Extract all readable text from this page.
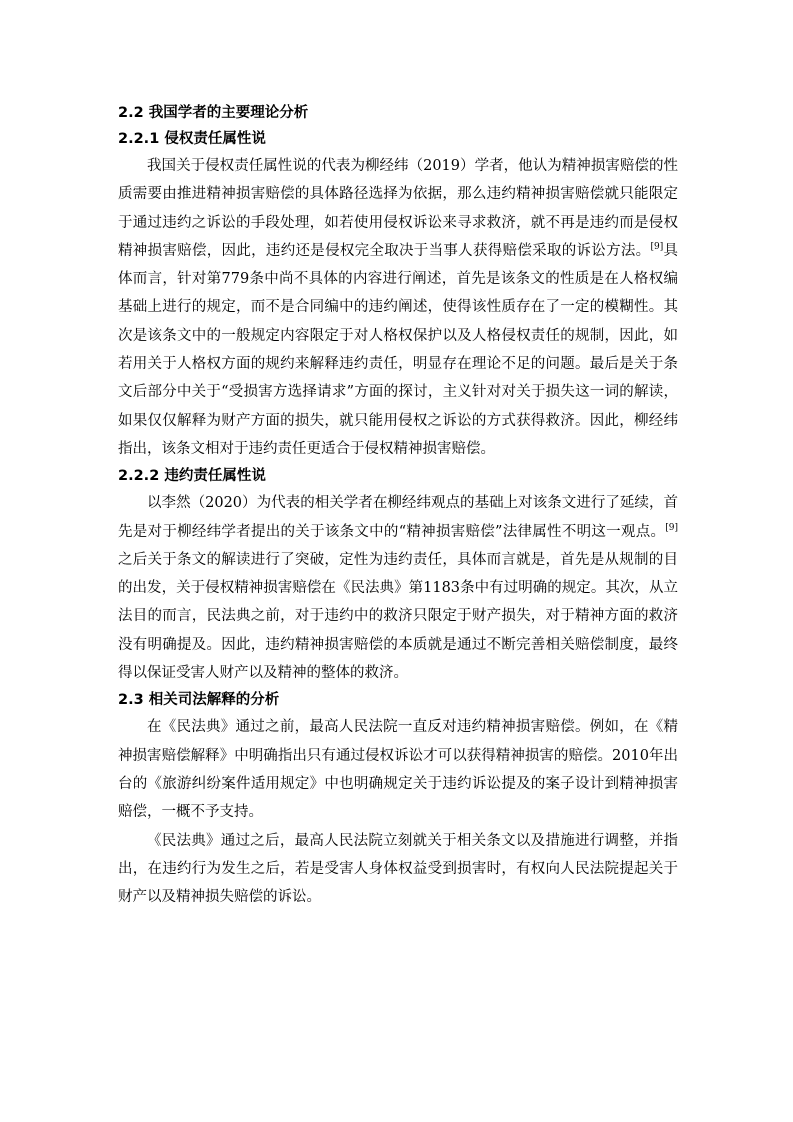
2.2 我国学者的主要理论分析
2.2.1 侵权责任属性说

我国关于侵权责任属性说的代表为柳经纬（2019）学者，他认为精神损害赔偿的性质需要由推进精神损害赔偿的具体路径选择为依据，那么违约精神损害赔偿就只能限定于通过违约之诉讼的手段处理，如若使用侵权诉讼来寻求救济，就不再是违约而是侵权精神损害赔偿，因此，违约还是侵权完全取决于当事人获得赔偿采取的诉讼方法。[9]具体而言，针对第779条中尚不具体的内容进行阐述，首先是该条文的性质是在人格权编基础上进行的规定，而不是合同编中的违约阐述，使得该性质存在了一定的模糊性。其次是该条文中的一般规定内容限定于对人格权保护以及人格侵权责任的规制，因此，如若用关于人格权方面的规约来解释违约责任，明显存在理论不足的问题。最后是关于条文后部分中关于“受损害方选择请求”方面的探讨，主义针对对关于损失这一词的解读，如果仅仅解释为财产方面的损失，就只能用侵权之诉讼的方式获得救济。因此，柳经纬指出，该条文相对于违约责任更适合于侵权精神损害赔偿。

2.2.2 违约责任属性说

以李然（2020）为代表的相关学者在柳经纬观点的基础上对该条文进行了延续，首先是对于柳经纬学者提出的关于该条文中的“精神损害赔偿”法律属性不明这一观点。[9]之后关于条文的解读进行了突破，定性为违约责任，具体而言就是，首先是从规制的目的出发，关于侵权精神损害赔偿在《民法典》第1183条中有过明确的规定。其次，从立法目的而言，民法典之前，对于违约中的救济只限定于财产损失，对于精神方面的救济没有明确提及。因此，违约精神损害赔偿的本质就是通过不断完善相关赔偿制度，最终得以保证受害人财产以及精神的整体的救济。

2.3 相关司法解释的分析

在《民法典》通过之前，最高人民法院一直反对违约精神损害赔偿。例如，在《精神损害赔偿解释》中明确指出只有通过侵权诉讼才可以获得精神损害的赔偿。2010年出台的《旅游纠纷案件适用规定》中也明确规定关于违约诉讼提及的案子设计到精神损害赔偿，一概不予支持。

《民法典》通过之后，最高人民法院立刻就关于相关条文以及措施进行调整，并指出，在违约行为发生之后，若是受害人身体权益受到损害时，有权向人民法院提起关于财产以及精神损失赔偿的诉讼。
